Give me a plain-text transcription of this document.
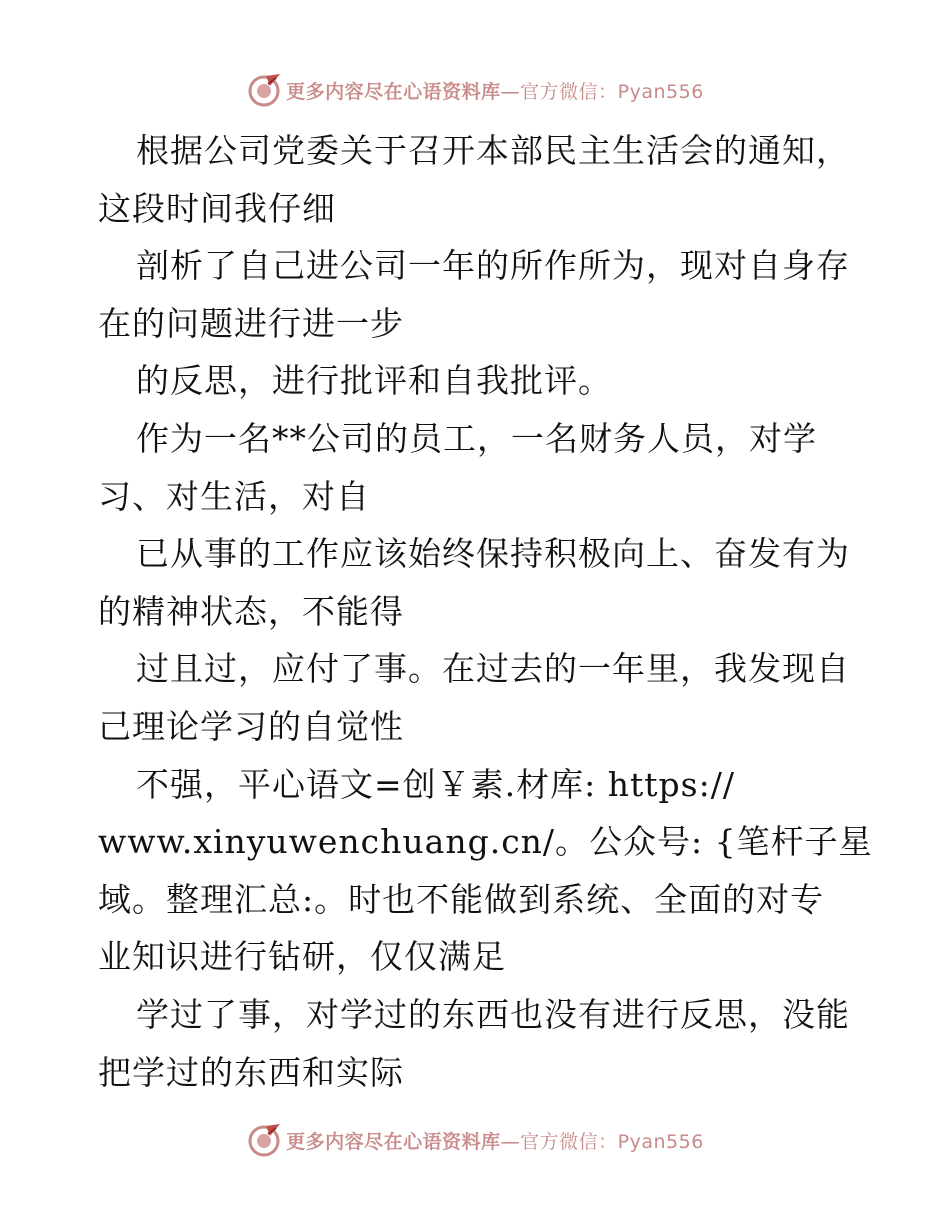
更多内容尽在心语资料库—官方微信：Pyan556
根据公司党委关于召开本部民主生活会的通知，
这段时间我仔细
剖析了自己进公司一年的所作所为，现对自身存
在的问题进行进一步
的反思，进行批评和自我批评。
作为一名**公司的员工，一名财务人员，对学
习、对生活，对自
已从事的工作应该始终保持积极向上、奋发有为
的精神状态，不能得
过且过，应付了事。在过去的一年里，我发现自
己理论学习的自觉性
不强，平心语文=创￥素.材库: https://
www.xinyuwenchuang.cn/。公众号: {笔杆子星
域。整理汇总:。时也不能做到系统、全面的对专
业知识进行钻研，仅仅满足
学过了事，对学过的东西也没有进行反思，没能
把学过的东西和实际
更多内容尽在心语资料库—官方微信：Pyan556
